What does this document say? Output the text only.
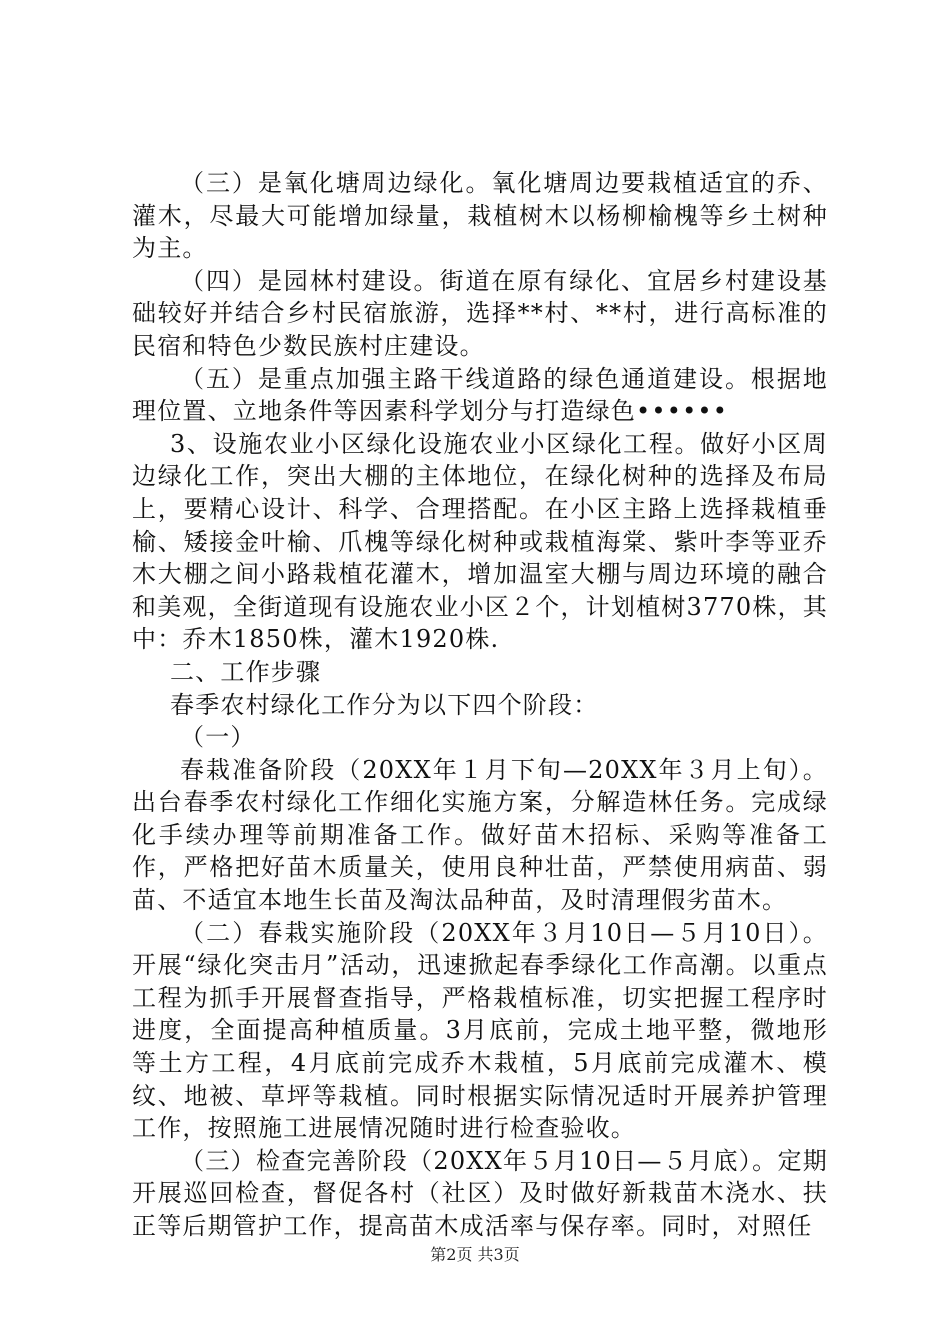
（三）是氧化塘周边绿化。氧化塘周边要栽植适宜的乔、灌木，尽最大可能增加绿量，栽植树木以杨柳榆槐等乡土树种为主。

（四）是园林村建设。街道在原有绿化、宜居乡村建设基础较好并结合乡村民宿旅游，选择**村、**村，进行高标准的民宿和特色少数民族村庄建设。

（五）是重点加强主路干线道路的绿色通道建设。根据地理位置、立地条件等因素科学划分与打造绿色••••••

3、设施农业小区绿化设施农业小区绿化工程。做好小区周边绿化工作，突出大棚的主体地位，在绿化树种的选择及布局上，要精心设计、科学、合理搭配。在小区主路上选择栽植垂榆、矮接金叶榆、爪槐等绿化树种或栽植海棠、紫叶李等亚乔木大棚之间小路栽植花灌木，增加温室大棚与周边环境的融合和美观，全街道现有设施农业小区２个，计划植树3770株，其中：乔木1850株，灌木1920株.

二、工作步骤

春季农村绿化工作分为以下四个阶段：

（一）

春栽准备阶段（20XX年１月下旬—20XX年３月上旬）。出台春季农村绿化工作细化实施方案，分解造林任务。完成绿化手续办理等前期准备工作。做好苗木招标、采购等准备工作，严格把好苗木质量关，使用良种壮苗，严禁使用病苗、弱苗、不适宜本地生长苗及淘汰品种苗，及时清理假劣苗木。

（二）春栽实施阶段（20XX年３月10日—５月10日）。开展“绿化突击月”活动，迅速掀起春季绿化工作高潮。以重点工程为抓手开展督查指导，严格栽植标准，切实把握工程序时进度，全面提高种植质量。3月底前，完成土地平整，微地形等土方工程，4月底前完成乔木栽植，5月底前完成灌木、模纹、地被、草坪等栽植。同时根据实际情况适时开展养护管理工作，按照施工进展情况随时进行检查验收。

（三）检查完善阶段（20XX年５月10日—５月底）。定期开展巡回检查，督促各村（社区）及时做好新栽苗木浇水、扶正等后期管护工作，提高苗木成活率与保存率。同时，对照任

第2页 共3页
